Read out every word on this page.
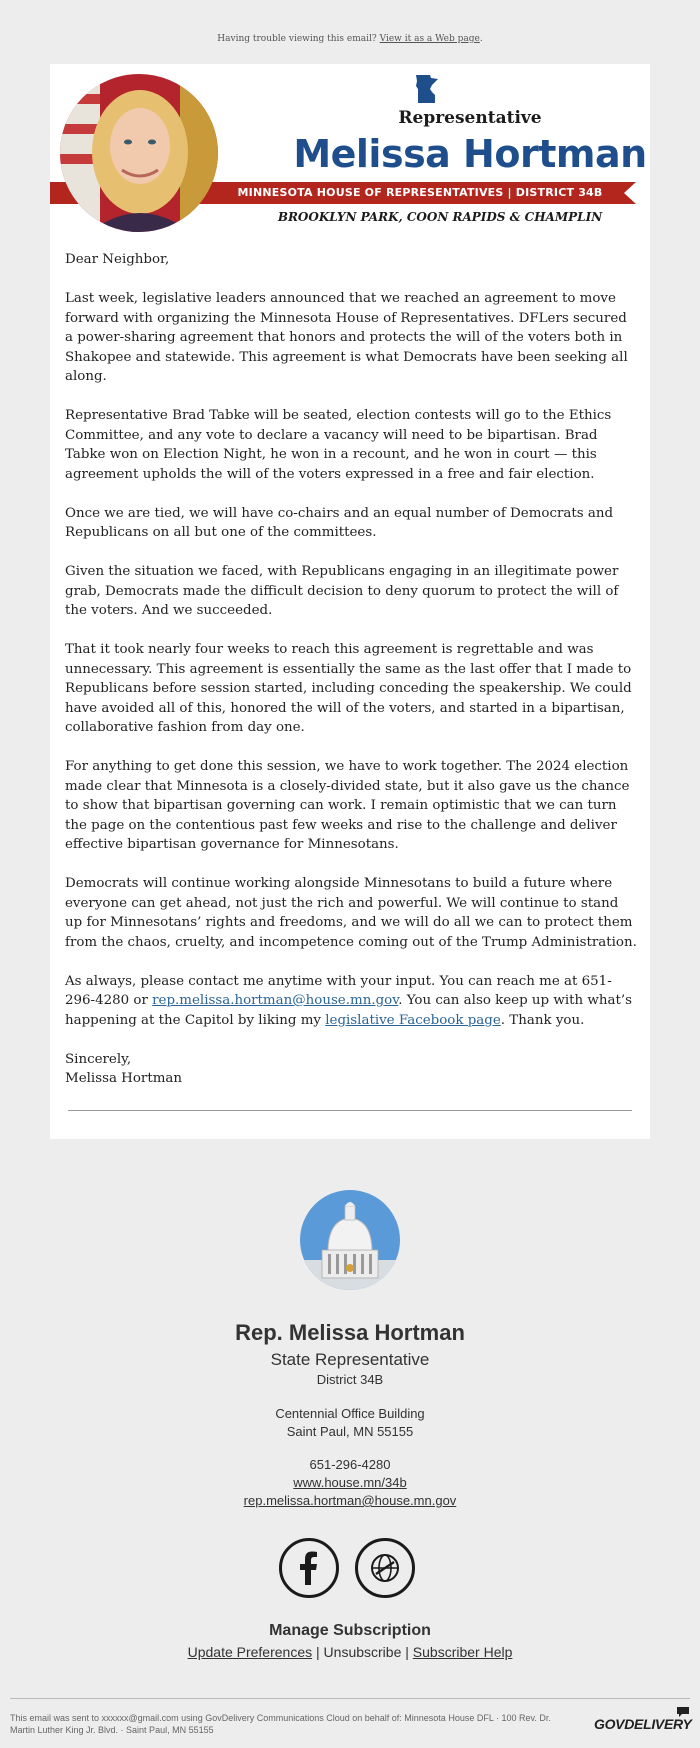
Having trouble viewing this email? View it as a Web page.
MINNESOTA HOUSE OF REPRESENTATIVES | DISTRICT 34B
Representative
Melissa Hortman
BROOKLYN PARK, COON RAPIDS & CHAMPLIN

Dear Neighbor,

Last week, legislative leaders announced that we reached an agreement to move forward with organizing the Minnesota House of Representatives. DFLers secured a power-sharing agreement that honors and protects the will of the voters both in Shakopee and statewide. This agreement is what Democrats have been seeking all along.

Representative Brad Tabke will be seated, election contests will go to the Ethics Committee, and any vote to declare a vacancy will need to be bipartisan. Brad Tabke won on Election Night, he won in a recount, and he won in court — this agreement upholds the will of the voters expressed in a free and fair election.

Once we are tied, we will have co-chairs and an equal number of Democrats and Republicans on all but one of the committees.

Given the situation we faced, with Republicans engaging in an illegitimate power grab, Democrats made the difficult decision to deny quorum to protect the will of the voters. And we succeeded.

That it took nearly four weeks to reach this agreement is regrettable and was unnecessary. This agreement is essentially the same as the last offer that I made to Republicans before session started, including conceding the speakership. We could have avoided all of this, honored the will of the voters, and started in a bipartisan, collaborative fashion from day one.

For anything to get done this session, we have to work together. The 2024 election made clear that Minnesota is a closely-divided state, but it also gave us the chance to show that bipartisan governing can work. I remain optimistic that we can turn the page on the contentious past few weeks and rise to the challenge and deliver effective bipartisan governance for Minnesotans.

Democrats will continue working alongside Minnesotans to build a future where everyone can get ahead, not just the rich and powerful. We will continue to stand up for Minnesotans’ rights and freedoms, and we will do all we can to protect them from the chaos, cruelty, and incompetence coming out of the Trump Administration.

As always, please contact me anytime with your input. You can reach me at 651-296-4280 or rep.melissa.hortman@house.mn.gov. You can also keep up with what’s happening at the Capitol by liking my legislative Facebook page. Thank you.

Sincerely,
Melissa Hortman
Rep. Melissa Hortman
State Representative
District 34B
Centennial Office Building
Saint Paul, MN 55155
651-296-4280
www.house.mn/34b
rep.melissa.hortman@house.mn.gov
Manage Subscription
Update Preferences | Unsubscribe | Subscriber Help
This email was sent to xxxxxx@gmail.com using GovDelivery Communications Cloud on behalf of: Minnesota House DFL · 100 Rev. Dr. Martin Luther King Jr. Blvd. · Saint Paul, MN 55155	GOVDELIVERY
